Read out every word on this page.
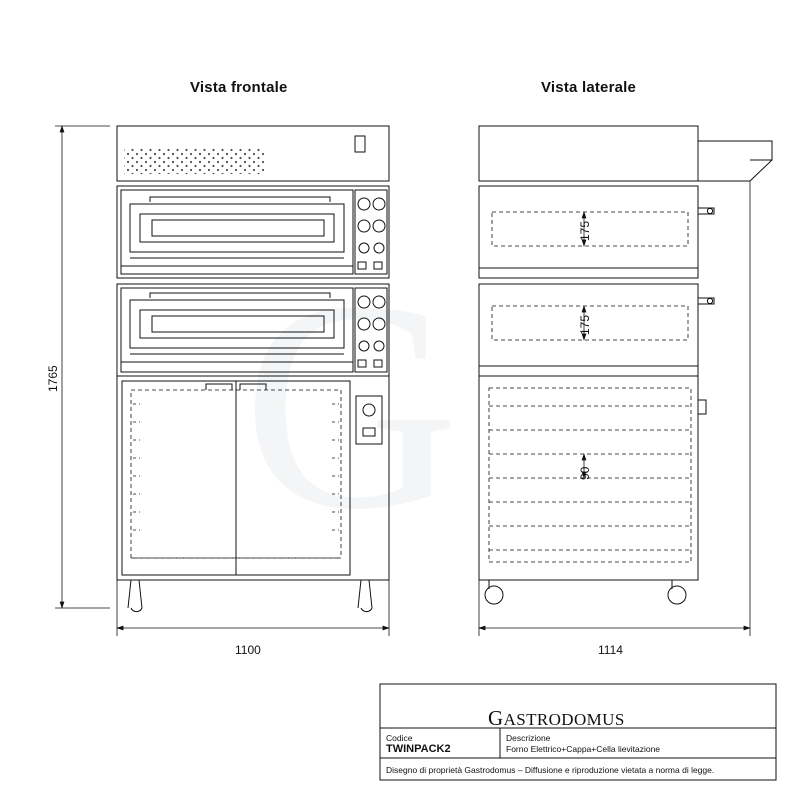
G
Vista frontale	Vista laterale
1765
1100	1114
175
175
90
GASTRODOMUS
Codice
TWINPACK2
Descrizione
Forno Elettrico+Cappa+Cella lievitazione
Disegno di proprietà Gastrodomus – Diffusione e riproduzione vietata a norma di legge.
